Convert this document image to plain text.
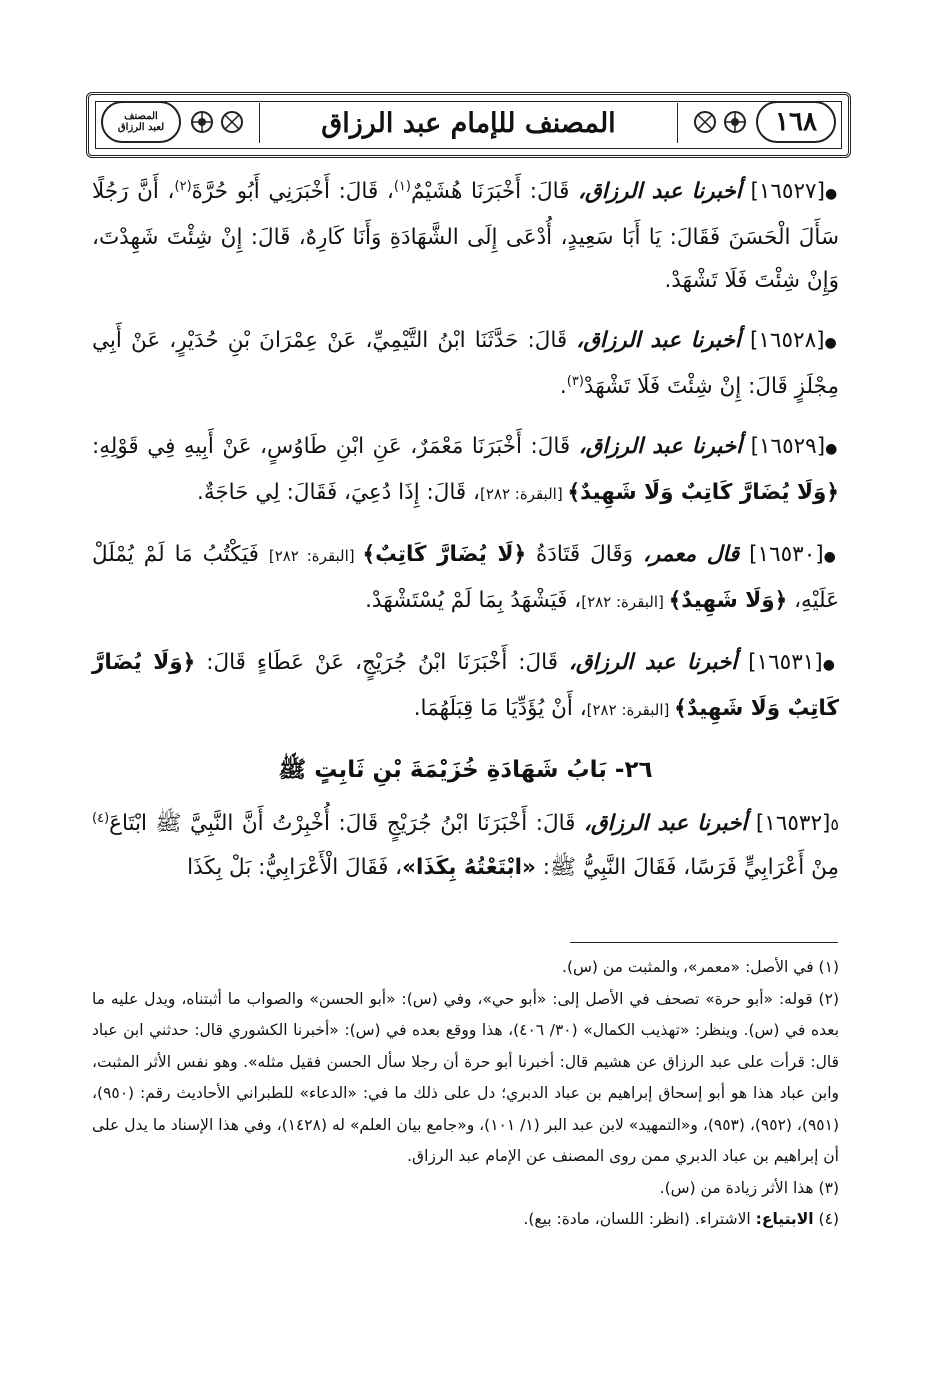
المصنف
لعبد الرزاق	المصنف للإمام عبد الرزاق	١٦٨

●[١٦٥٢٧] أخبرنا عبد الرزاق، قَالَ: أَخْبَرَنَا هُشَيْمٌ$^{(١)}$، قَالَ: أَخْبَرَنِي أَبُو حُرَّةَ$^{(٢)}$، أَنَّ رَجُلًا سَأَلَ الْحَسَنَ فَقَالَ: يَا أَبَا سَعِيدٍ، أُدْعَى إِلَى الشَّهَادَةِ وَأَنَا كَارِهٌ، قَالَ: إِنْ شِئْتَ شَهِدْتَ، وَإِنْ شِئْتَ فَلَا تَشْهَدْ.

●[١٦٥٢٨] أخبرنا عبد الرزاق، قَالَ: حَدَّثَنَا ابْنُ التَّيْمِيِّ، عَنْ عِمْرَانَ بْنِ حُدَيْرٍ، عَنْ أَبِي مِجْلَزٍ قَالَ: إِنْ شِئْتَ فَلَا تَشْهَدْ$^{(٣)}$.

●[١٦٥٢٩] أخبرنا عبد الرزاق، قَالَ: أَخْبَرَنَا مَعْمَرٌ، عَنِ ابْنِ طَاوُسٍ، عَنْ أَبِيهِ فِي قَوْلِهِ: ﴿وَلَا يُضَارَّ كَاتِبٌ وَلَا شَهِيدٌ﴾ [البقرة: ٢٨٢]، قَالَ: إِذَا دُعِيَ، فَقَالَ: لِي حَاجَةٌ.

●[١٦٥٣٠] قال معمر، وَقَالَ قَتَادَةُ ﴿لَا يُضَارَّ كَاتِبٌ﴾ [البقرة: ٢٨٢] فَيَكْتُبُ مَا لَمْ يُمْلَلْ عَلَيْهِ، ﴿وَلَا شَهِيدٌ﴾ [البقرة: ٢٨٢]، فَيَشْهَدُ بِمَا لَمْ يُسْتَشْهَدْ.

●[١٦٥٣١] أخبرنا عبد الرزاق، قَالَ: أَخْبَرَنَا ابْنُ جُرَيْجٍ، عَنْ عَطَاءٍ قَالَ: ﴿وَلَا يُضَارَّ كَاتِبٌ وَلَا شَهِيدٌ﴾ [البقرة: ٢٨٢]، أَنْ يُؤَدِّيَا مَا قِبَلَهُمَا.

٢٦- بَابُ شَهَادَةِ خُزَيْمَةَ بْنِ ثَابِتٍ ﷺ

٥[١٦٥٣٢] أخبرنا عبد الرزاق، قَالَ: أَخْبَرَنَا ابْنُ جُرَيْجٍ قَالَ: أُخْبِرْتُ أَنَّ النَّبِيَّ ﷺ ابْتَاعَ$^{(٤)}$ مِنْ أَعْرَابِيٍّ فَرَسًا، فَقَالَ النَّبِيُّ ﷺ: «ابْتَعْتُهُ بِكَذَا»، فَقَالَ الْأَعْرَابِيُّ: بَلْ بِكَذَا

(١) في الأصل: «معمر»، والمثبت من (س).

(٢) قوله: «أبو حرة» تصحف في الأصل إلى: «أبو حي»، وفي (س): «أبو الحسن» والصواب ما أثبتناه، ويدل عليه ما بعده في (س). وينظر: «تهذيب الكمال» (٣٠/ ٤٠٦)، هذا ووقع بعده في (س): «أخبرنا الكشوري قال: حدثني ابن عباد قال: قرأت على عبد الرزاق عن هشيم قال: أخبرنا أبو حرة أن رجلا سأل الحسن فقيل مثله». وهو نفس الأثر المثبت، وابن عباد هذا هو أبو إسحاق إبراهيم بن عباد الدبري؛ دل على ذلك ما في: «الدعاء» للطبراني الأحاديث رقم: (٩٥٠)، (٩٥١)، (٩٥٢)، (٩٥٣)، و«التمهيد» لابن عبد البر (١/ ١٠١)، و«جامع بيان العلم» له (١٤٢٨)، وفي هذا الإسناد ما يدل على أن إبراهيم بن عباد الدبري ممن روى المصنف عن الإمام عبد الرزاق.

(٣) هذا الأثر زيادة من (س).

(٤) الابتياع: الاشتراء. (انظر: اللسان، مادة: بيع).
